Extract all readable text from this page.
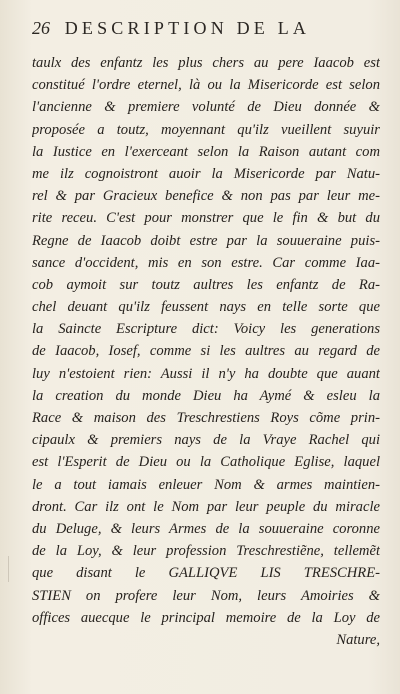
26 DESCRIPTION DE LA
taulx des enfantz les plus chers au pere Iaacob est
constitué l'ordre eternel, là ou la Misericorde est selon
l'ancienne & premiere volunté de Dieu donnée &
proposée a toutz, moyennant qu'ilz vueillent suyuir
la Iustice en l'exerceant selon la Raison autant com
me ilz cognoistront auoir la Misericorde par Natu-
rel & par Gracieux benefice & non pas par leur me-
rite receu. C'est pour monstrer que le fin & but du
Regne de Iaacob doibt estre par la souueraine puis-
sance d'occident, mis en son estre. Car comme Iaa-
cob aymoit sur toutz aultres les enfantz de Ra-
chel deuant qu'ilz feussent nays en telle sorte que
la Saincte Escripture dict: Voicy les generations
de Iaacob, Iosef, comme si les aultres au regard de
luy n'estoient rien: Aussi il n'y ha doubte que auant
la creation du monde Dieu ha Aymé & esleu la
Race & maison des Treschrestiens Roys cõme prin-
cipaulx & premiers nays de la Vraye Rachel qui
est l'Esperit de Dieu ou la Catholique Eglise, laquel
le a tout iamais enleuer Nom & armes maintien-
dront. Car ilz ont le Nom par leur peuple du miracle
du Deluge, & leurs Armes de la souueraine coronne
de la Loy, & leur profession Treschrestiẽne, tellemẽt
que disant le GALLIQVE LIS TRESCHRE-
STIEN on profere leur Nom, leurs Amoiries &
offices auecque le principal memoire de la Loy de
Nature,
